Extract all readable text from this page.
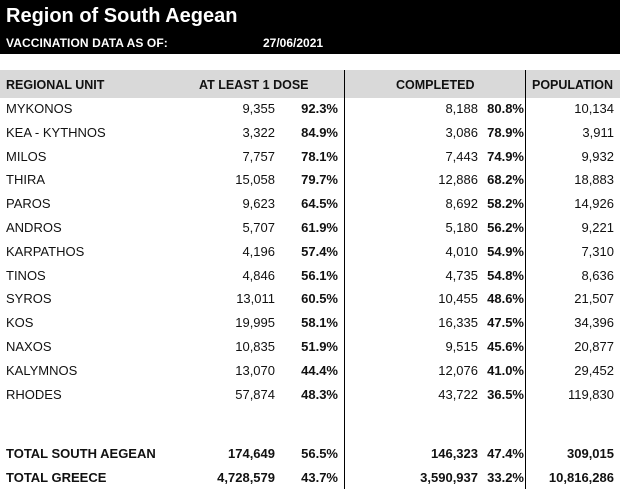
Region of South Aegean
VACCINATION DATA AS OF:	27/06/2021
REGIONAL UNIT	AT LEAST 1 DOSE	COMPLETED	POPULATION
MYKONOS	9,355 92.3%	8,188 80.8%	10,134
KEA - KYTHNOS	3,322 84.9%	3,086 78.9%	3,911
MILOS	7,757 78.1%	7,443 74.9%	9,932
THIRA	15,058 79.7%	12,886 68.2%	18,883
PAROS	9,623 64.5%	8,692 58.2%	14,926
ANDROS	5,707 61.9%	5,180 56.2%	9,221
KARPATHOS	4,196 57.4%	4,010 54.9%	7,310
TINOS	4,846 56.1%	4,735 54.8%	8,636
SYROS	13,011 60.5%	10,455 48.6%	21,507
KOS	19,995 58.1%	16,335 47.5%	34,396
NAXOS	10,835 51.9%	9,515 45.6%	20,877
KALYMNOS	13,070 44.4%	12,076 41.0%	29,452
RHODES	57,874 48.3%	43,722 36.5%	119,830
TOTAL SOUTH AEGEAN	174,649 56.5%	146,323 47.4%	309,015
TOTAL GREECE	4,728,579 43.7%	3,590,937 33.2% 10,816,286
